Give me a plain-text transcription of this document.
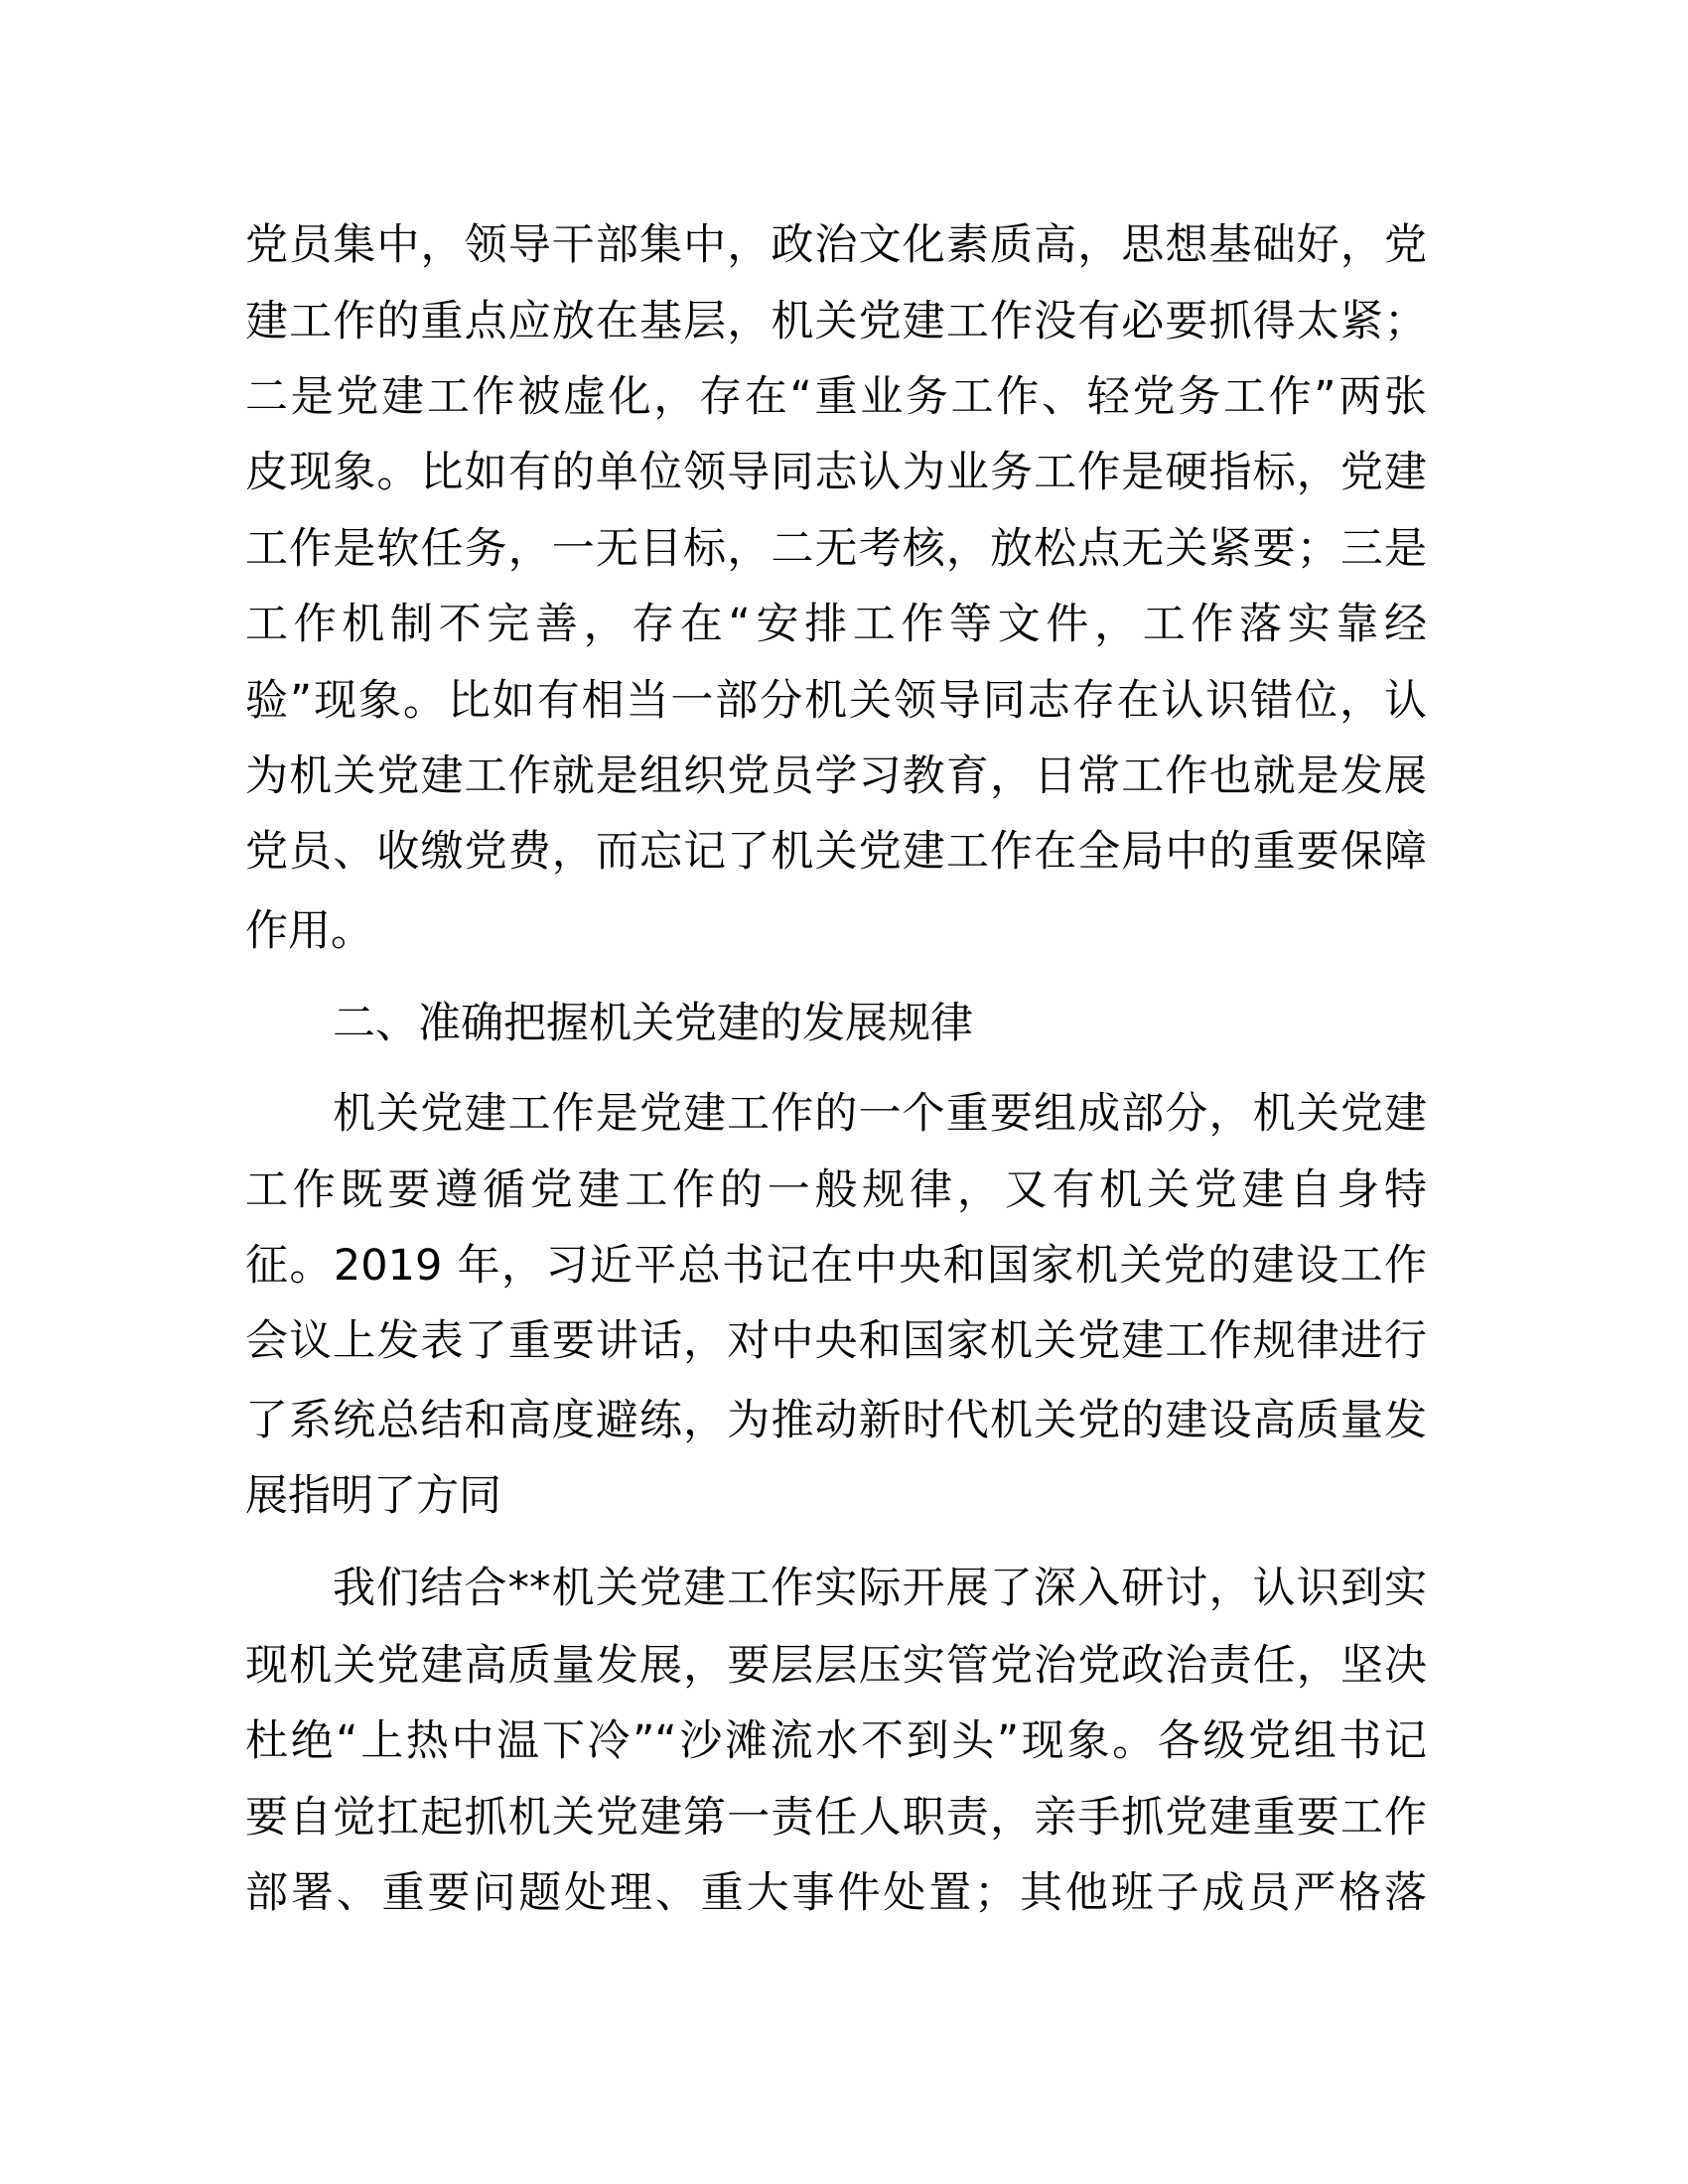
党员集中，领导干部集中，政治文化素质高，思想基础好，党
建工作的重点应放在基层，机关党建工作没有必要抓得太紧；
二是党建工作被虚化，存在“重业务工作、轻党务工作”两张
皮现象。比如有的单位领导同志认为业务工作是硬指标，党建
工作是软任务，一无目标，二无考核，放松点无关紧要；三是
工作机制不完善，存在“安排工作等文件，工作落实靠经
验”现象。比如有相当一部分机关领导同志存在认识错位，认
为机关党建工作就是组织党员学习教育，日常工作也就是发展
党员、收缴党费，而忘记了机关党建工作在全局中的重要保障
作用。
二、准确把握机关党建的发展规律
机关党建工作是党建工作的一个重要组成部分，机关党建
工作既要遵循党建工作的一般规律，又有机关党建自身特
征。2019 年，习近平总书记在中央和国家机关党的建设工作
会议上发表了重要讲话，对中央和国家机关党建工作规律进行
了系统总结和高度避练，为推动新时代机关党的建设高质量发
展指明了方同
我们结合**机关党建工作实际开展了深入研讨，认识到实
现机关党建高质量发展，要层层压实管党治党政治责任，坚决
杜绝“上热中温下冷”“沙滩流水不到头”现象。各级党组书记
要自觉扛起抓机关党建第一责任人职责，亲手抓党建重要工作
部署、重要问题处理、重大事件处置；其他班子成员严格落
